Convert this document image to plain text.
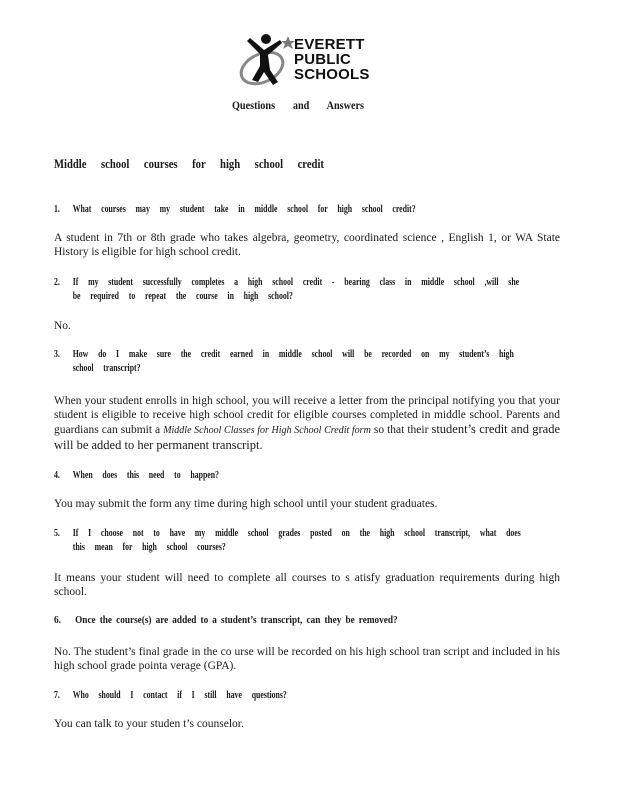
EVERETT
PUBLIC
SCHOOLS
Questions and Answers
Middle school courses for high school credit
1. What courses may my student take in middle school for high school credit?
A student in 7th or 8th grade who takes algebra, geometry, coordinated science , English 1, or WA State History is eligible for high school credit.
2. If my student successfully completes a high school credit - bearing class in middle school ,will she
be required to repeat the course in high school?
No.
3. How do I make sure the credit earned in middle school will be recorded on my student’s high
school transcript?
When your student enrolls in high school, you will receive a letter from the principal notifying you that your student is eligible to receive high school credit for eligible courses completed in middle school. Parents and guardians can submit a Middle School Classes for High School Credit form so that their student’s credit and grade will be added to her permanent transcript.
4. When does this need to happen?
You may submit the form any time during high school until your student graduates.
5. If I choose not to have my middle school grades posted on the high school transcript, what does
this mean for high school courses?
It means your student will need to complete all courses to s atisfy graduation requirements during high school.
6. Once the course(s) are added to a student’s transcript, can they be removed?
No. The student’s final grade in the co urse will be recorded on his high school tran script and included in his high school grade pointa verage (GPA).
7. Who should I contact if I still have questions?
You can talk to your studen t’s counselor.
